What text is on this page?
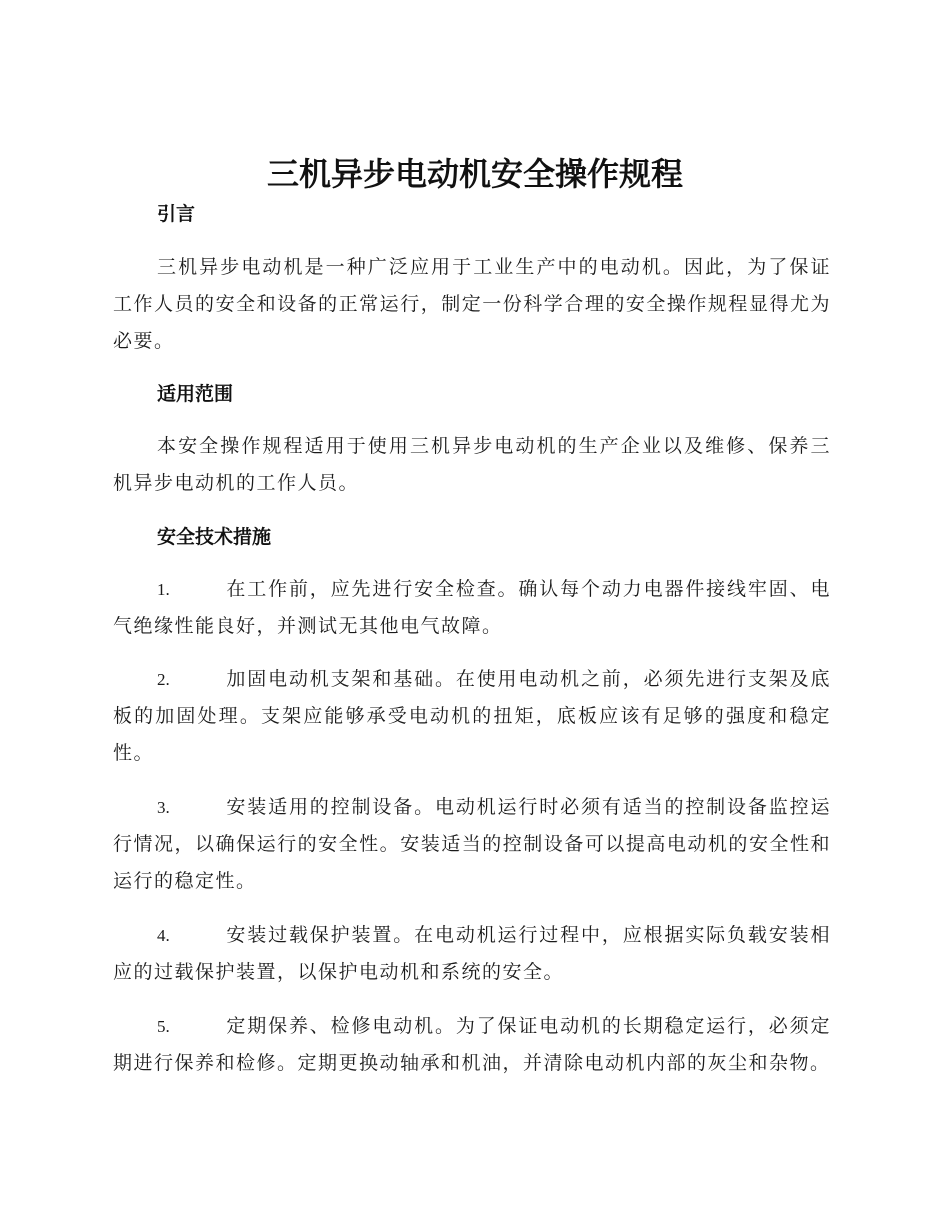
三机异步电动机安全操作规程
引言

三机异步电动机是一种广泛应用于工业生产中的电动机。因此，为了保证工作人员的安全和设备的正常运行，制定一份科学合理的安全操作规程显得尤为必要。

适用范围

本安全操作规程适用于使用三机异步电动机的生产企业以及维修、保养三机异步电动机的工作人员。

安全技术措施

1.	在工作前，应先进行安全检查。确认每个动力电器件接线牢固、电气绝缘性能良好，并测试无其他电气故障。

2.	加固电动机支架和基础。在使用电动机之前，必须先进行支架及底板的加固处理。支架应能够承受电动机的扭矩，底板应该有足够的强度和稳定性。

3.	安装适用的控制设备。电动机运行时必须有适当的控制设备监控运行情况，以确保运行的安全性。安装适当的控制设备可以提高电动机的安全性和运行的稳定性。

4.	安装过载保护装置。在电动机运行过程中，应根据实际负载安装相应的过载保护装置，以保护电动机和系统的安全。

5.	定期保养、检修电动机。为了保证电动机的长期稳定运行，必须定期进行保养和检修。定期更换动轴承和机油，并清除电动机内部的灰尘和杂物。
